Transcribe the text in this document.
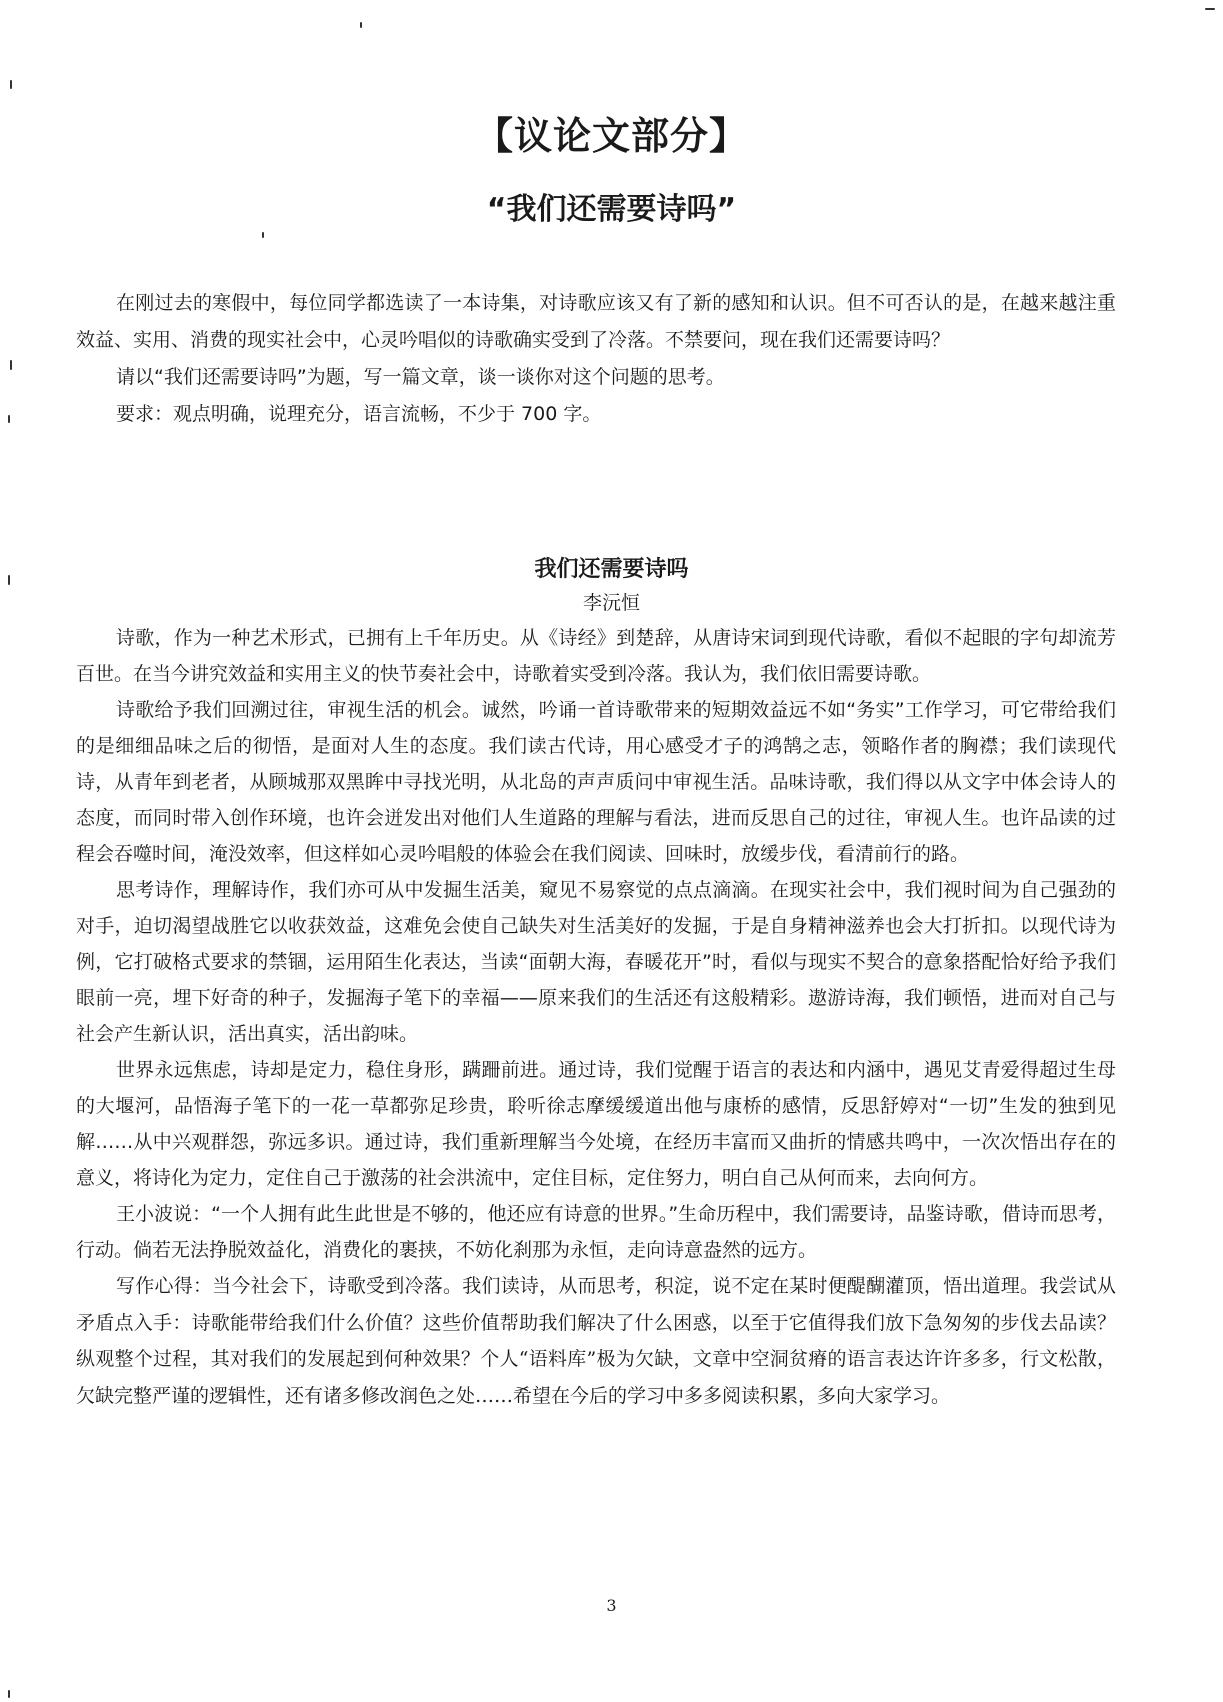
【议论文部分】
“我们还需要诗吗”

在刚过去的寒假中，每位同学都选读了一本诗集，对诗歌应该又有了新的感知和认识。但不可否认的是，在越来越注重效益、实用、消费的现实社会中，心灵吟唱似的诗歌确实受到了冷落。不禁要问，现在我们还需要诗吗？

请以“我们还需要诗吗”为题，写一篇文章，谈一谈你对这个问题的思考。

要求：观点明确，说理充分，语言流畅，不少于 700 字。

我们还需要诗吗
李沅恒

诗歌，作为一种艺术形式，已拥有上千年历史。从《诗经》到楚辞，从唐诗宋词到现代诗歌，看似不起眼的字句却流芳百世。在当今讲究效益和实用主义的快节奏社会中，诗歌着实受到冷落。我认为，我们依旧需要诗歌。

诗歌给予我们回溯过往，审视生活的机会。诚然，吟诵一首诗歌带来的短期效益远不如“务实”工作学习，可它带给我们的是细细品味之后的彻悟，是面对人生的态度。我们读古代诗，用心感受才子的鸿鹄之志，领略作者的胸襟；我们读现代诗，从青年到老者，从顾城那双黑眸中寻找光明，从北岛的声声质问中审视生活。品味诗歌，我们得以从文字中体会诗人的态度，而同时带入创作环境，也许会迸发出对他们人生道路的理解与看法，进而反思自己的过往，审视人生。也许品读的过程会吞噬时间，淹没效率，但这样如心灵吟唱般的体验会在我们阅读、回味时，放缓步伐，看清前行的路。

思考诗作，理解诗作，我们亦可从中发掘生活美，窥见不易察觉的点点滴滴。在现实社会中，我们视时间为自己强劲的对手，迫切渴望战胜它以收获效益，这难免会使自己缺失对生活美好的发掘，于是自身精神滋养也会大打折扣。以现代诗为例，它打破格式要求的禁锢，运用陌生化表达，当读“面朝大海，春暖花开”时，看似与现实不契合的意象搭配恰好给予我们眼前一亮，埋下好奇的种子，发掘海子笔下的幸福——原来我们的生活还有这般精彩。遨游诗海，我们顿悟，进而对自己与社会产生新认识，活出真实，活出韵味。

世界永远焦虑，诗却是定力，稳住身形，蹒跚前进。通过诗，我们觉醒于语言的表达和内涵中，遇见艾青爱得超过生母的大堰河，品悟海子笔下的一花一草都弥足珍贵，聆听徐志摩缓缓道出他与康桥的感情，反思舒婷对“一切”生发的独到见解……从中兴观群怨，弥远多识。通过诗，我们重新理解当今处境，在经历丰富而又曲折的情感共鸣中，一次次悟出存在的意义，将诗化为定力，定住自己于激荡的社会洪流中，定住目标，定住努力，明白自己从何而来，去向何方。

王小波说：“一个人拥有此生此世是不够的，他还应有诗意的世界。”生命历程中，我们需要诗，品鉴诗歌，借诗而思考，行动。倘若无法挣脱效益化，消费化的裹挟，不妨化刹那为永恒，走向诗意盎然的远方。

写作心得：当今社会下，诗歌受到冷落。我们读诗，从而思考，积淀，说不定在某时便醍醐灌顶，悟出道理。我尝试从矛盾点入手：诗歌能带给我们什么价值？这些价值帮助我们解决了什么困惑，以至于它值得我们放下急匆匆的步伐去品读？纵观整个过程，其对我们的发展起到何种效果？个人“语料库”极为欠缺，文章中空洞贫瘠的语言表达许许多多，行文松散，欠缺完整严谨的逻辑性，还有诸多修改润色之处……希望在今后的学习中多多阅读积累，多向大家学习。

3
